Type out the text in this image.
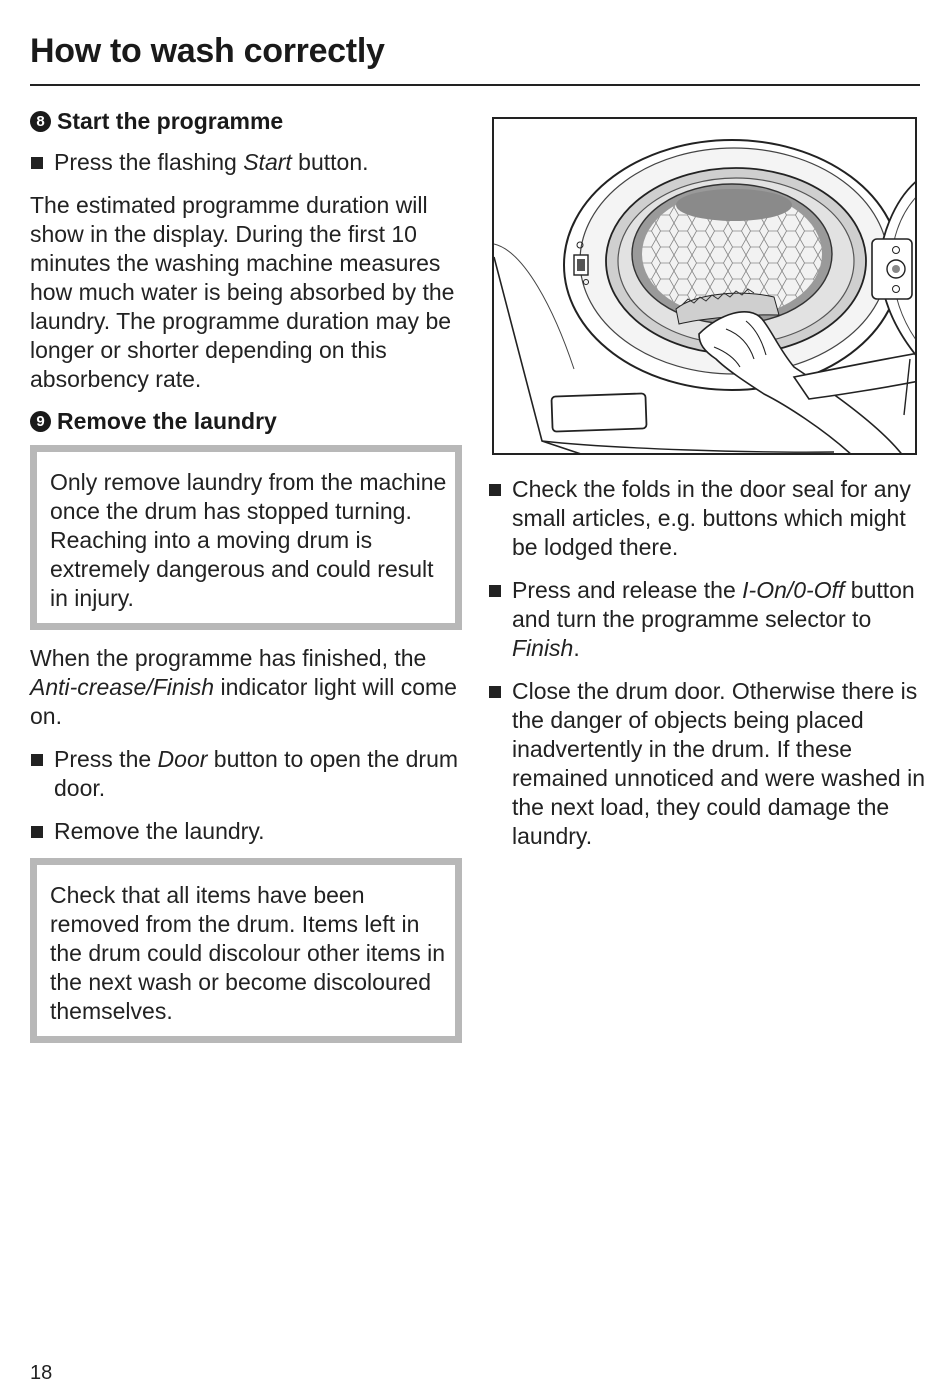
How to wash correctly
8 Start the programme
Press the flashing Start button.

The estimated programme duration will show in the display. During the first 10 minutes the washing machine measures how much water is being absorbed by the laundry. The programme duration may be longer or shorter depending on this absorbency rate.

9 Remove the laundry
Only remove laundry from the machine once the drum has stopped turning. Reaching into a moving drum is extremely dangerous and could result in injury.

When the programme has finished, the Anti-crease/Finish indicator light will come on.

Press the Door button to open the drum door.
Remove the laundry.
Check that all items have been removed from the drum. Items left in the drum could discolour other items in the next wash or become discoloured themselves.
Check the folds in the door seal for any small articles, e.g. buttons which might be lodged there.
Press and release the I-On/0-Off button and turn the programme selector to Finish.
Close the drum door. Otherwise there is the danger of objects being placed inadvertently in the drum. If these remained unnoticed and were washed in the next load, they could damage the laundry.
18
